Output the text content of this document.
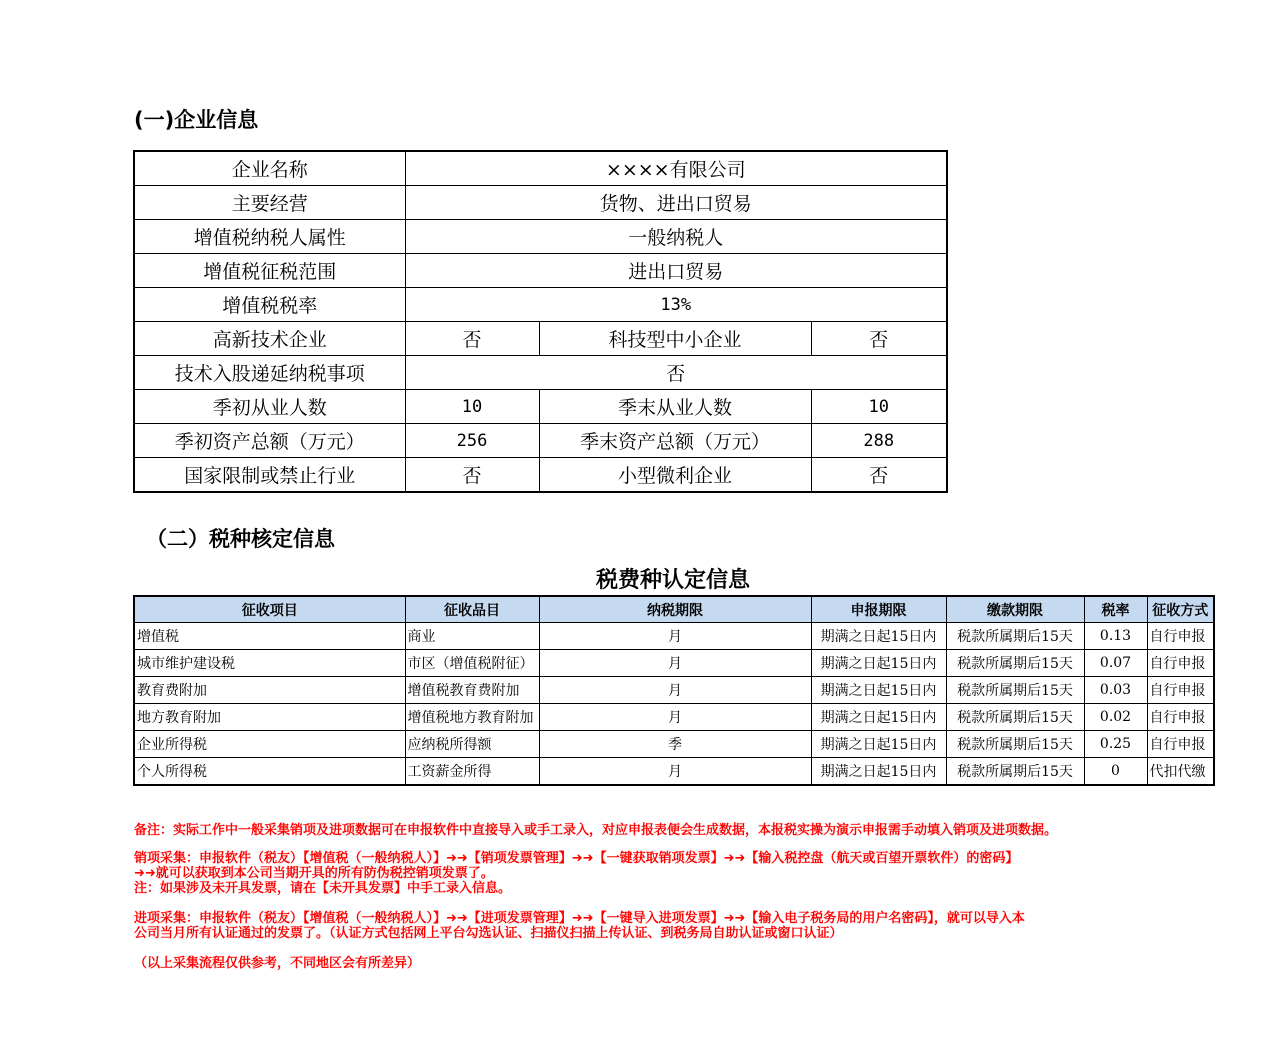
(一)企业信息
企业名称	××××有限公司		
主要经营	货物、进出口贸易		
增值税纳税人属性	一般纳税人		
增值税征税范围	进出口贸易		
增值税税率	13%		
高新技术企业	否	科技型中小企业	否
技术入股递延纳税事项	否		
季初从业人数	10	季末从业人数	10
季初资产总额（万元）	256	季末资产总额（万元）	288
国家限制或禁止行业	否	小型微利企业	否
（二）税种核定信息
税费种认定信息
征收项目	征收品目	纳税期限	申报期限	缴款期限	税率	征收方式
增值税	商业	月	期满之日起15日内	税款所属期后15天	0.13	自行申报
城市维护建设税	市区（增值税附征）	月	期满之日起15日内	税款所属期后15天	0.07	自行申报
教育费附加	增值税教育费附加	月	期满之日起15日内	税款所属期后15天	0.03	自行申报
地方教育附加	增值税地方教育附加	月	期满之日起15日内	税款所属期后15天	0.02	自行申报
企业所得税	应纳税所得额	季	期满之日起15日内	税款所属期后15天	0.25	自行申报
个人所得税	工资薪金所得	月	期满之日起15日内	税款所属期后15天	0	代扣代缴
备注：实际工作中一般采集销项及进项数据可在申报软件中直接导入或手工录入，对应申报表便会生成数据，本报税实操为演示申报需手动填入销项及进项数据。
销项采集：申报软件（税友）【增值税（一般纳税人）】➜➜【销项发票管理】➜➜【一键获取销项发票】➜➜【输入税控盘（航天或百望开票软件）的密码】
➜➜就可以获取到本公司当期开具的所有防伪税控销项发票了。
注：如果涉及未开具发票，请在【未开具发票】中手工录入信息。
进项采集：申报软件（税友）【增值税（一般纳税人）】➜➜【进项发票管理】➜➜【一键导入进项发票】➜➜【输入电子税务局的用户名密码】，就可以导入本
公司当月所有认证通过的发票了。（认证方式包括网上平台勾选认证、扫描仪扫描上传认证、到税务局自助认证或窗口认证）
（以上采集流程仅供参考，不同地区会有所差异）
